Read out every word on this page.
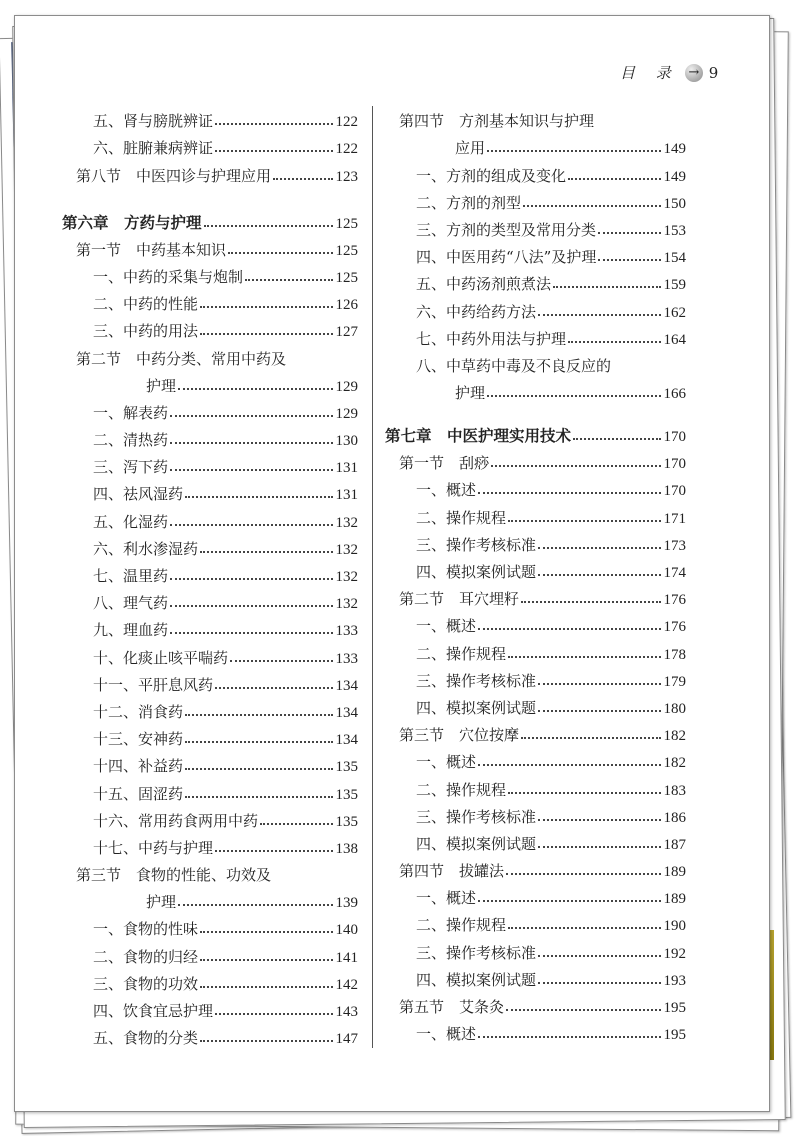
目 录 → 9
五、肾与膀胱辨证	122
六、脏腑兼病辨证	122
第八节　中医四诊与护理应用	123
第六章　方药与护理	125
第一节　中药基本知识	125
一、中药的采集与炮制	125
二、中药的性能	126
三、中药的用法	127
第二节　中药分类、常用中药及
护理	129
一、解表药	129
二、清热药	130
三、泻下药	131
四、祛风湿药	131
五、化湿药	132
六、利水渗湿药	132
七、温里药	132
八、理气药	132
九、理血药	133
十、化痰止咳平喘药	133
十一、平肝息风药	134
十二、消食药	134
十三、安神药	134
十四、补益药	135
十五、固涩药	135
十六、常用药食两用中药	135
十七、中药与护理	138
第三节　食物的性能、功效及
护理	139
一、食物的性味	140
二、食物的归经	141
三、食物的功效	142
四、饮食宜忌护理	143
五、食物的分类	147
第四节　方剂基本知识与护理
应用	149
一、方剂的组成及变化	149
二、方剂的剂型	150
三、方剂的类型及常用分类	153
四、中医用药“八法”及护理	154
五、中药汤剂煎煮法	159
六、中药给药方法	162
七、中药外用法与护理	164
八、中草药中毒及不良反应的
护理	166
第七章　中医护理实用技术	170
第一节　刮痧	170
一、概述	170
二、操作规程	171
三、操作考核标准	173
四、模拟案例试题	174
第二节　耳穴埋籽	176
一、概述	176
二、操作规程	178
三、操作考核标准	179
四、模拟案例试题	180
第三节　穴位按摩	182
一、概述	182
二、操作规程	183
三、操作考核标准	186
四、模拟案例试题	187
第四节　拔罐法	189
一、概述	189
二、操作规程	190
三、操作考核标准	192
四、模拟案例试题	193
第五节　艾条灸	195
一、概述	195
